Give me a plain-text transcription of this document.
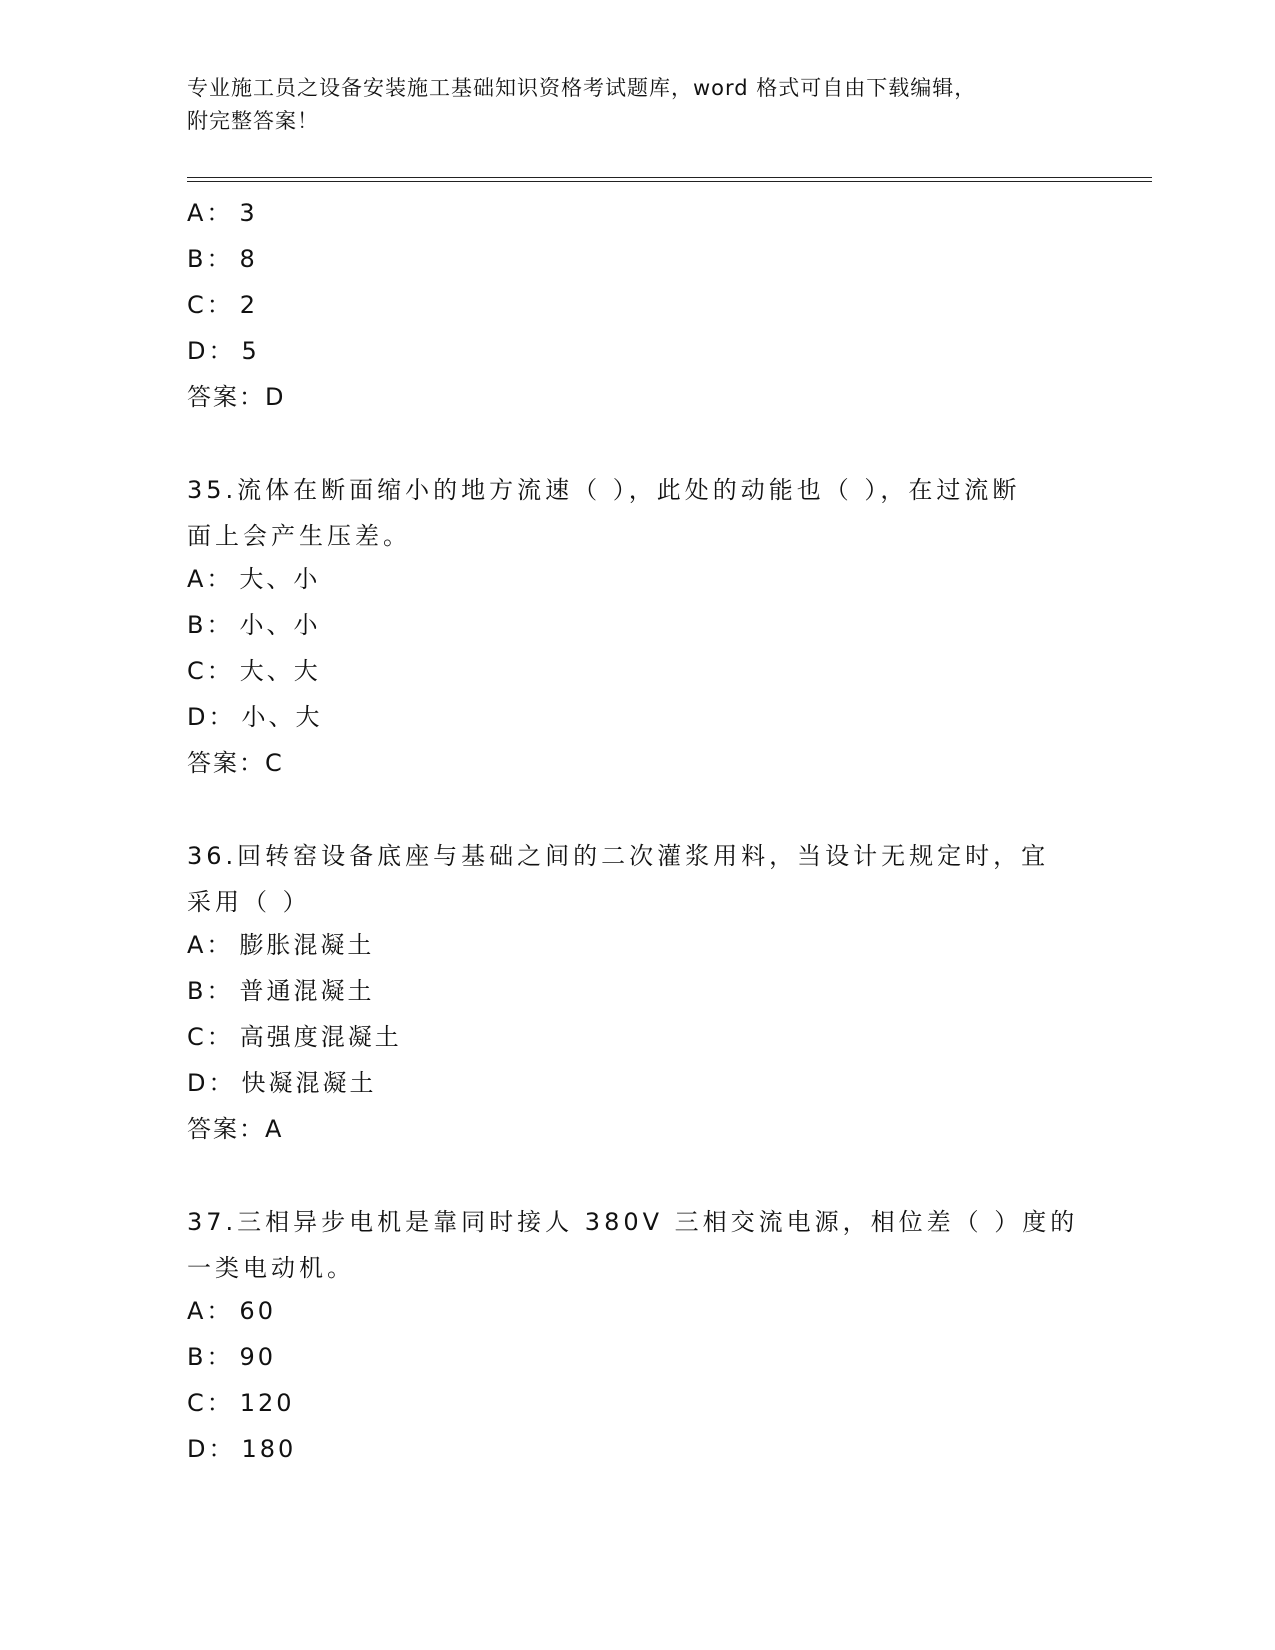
专业施工员之设备安装施工基础知识资格考试题库，word 格式可自由下载编辑，
附完整答案！
A： 3
B： 8
C： 2
D： 5
答案：D
35.流体在断面缩小的地方流速（ ），此处的动能也（ ），在过流断
面上会产生压差。
A： 大、小
B： 小、小
C： 大、大
D： 小、大
答案：C
36.回转窑设备底座与基础之间的二次灌浆用料，当设计无规定时，宜
采用（ ）
A： 膨胀混凝土
B： 普通混凝土
C： 高强度混凝土
D： 快凝混凝土
答案：A
37.三相异步电机是靠同时接人 380V 三相交流电源，相位差（ ）度的
一类电动机。
A： 60
B： 90
C： 120
D： 180
